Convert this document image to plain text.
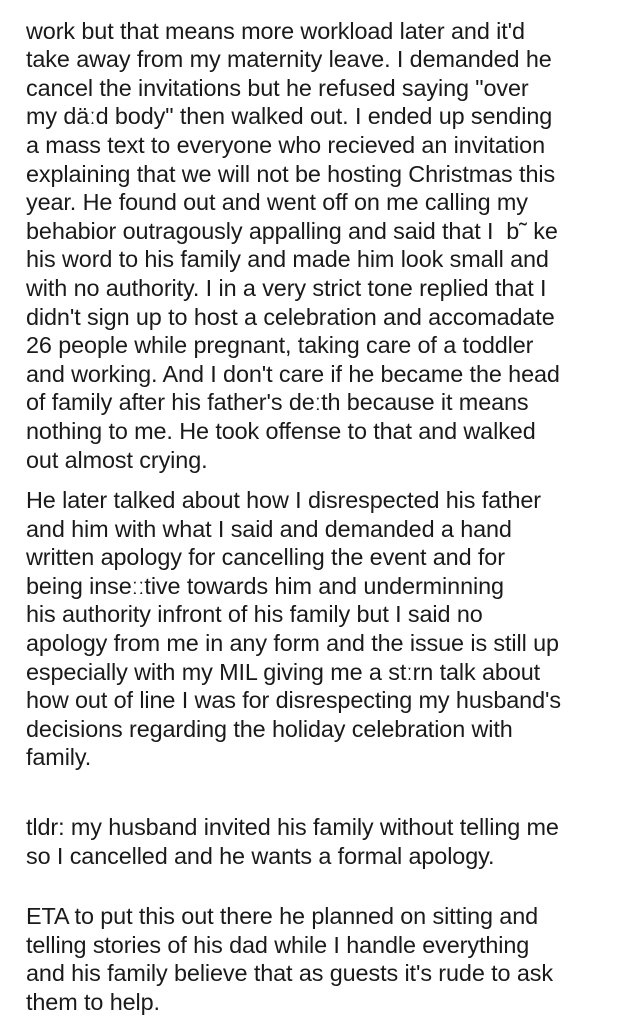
work but that means more workload later and it'd
take away from my maternity leave. I demanded he
cancel the invitations but he refused saying "over
my däːd body" then walked out. I ended up sending
a mass text to everyone who recieved an invitation
explaining that we will not be hosting Christmas this
year. He found out and went off on me calling my
behabior outragously appalling and said that I  b˜ ke
his word to his family and made him look small and
with no authority. I in a very strict tone replied that I
didn't sign up to host a celebration and accomadate
26 people while pregnant, taking care of a toddler
and working. And I don't care if he became the head
of family after his father's deːth because it means
nothing to me. He took offense to that and walked
out almost crying.
He later talked about how I disrespected his father
and him with what I said and demanded a hand
written apology for cancelling the event and for
being inseːːtive towards him and underminning
his authority infront of his family but I said no
apology from me in any form and the issue is still up
especially with my MIL giving me a stːrn talk about
how out of line I was for disrespecting my husband's
decisions regarding the holiday celebration with
family.
tldr: my husband invited his family without telling me
so I cancelled and he wants a formal apology.
ETA to put this out there he planned on sitting and
telling stories of his dad while I handle everything
and his family believe that as guests it's rude to ask
them to help.
